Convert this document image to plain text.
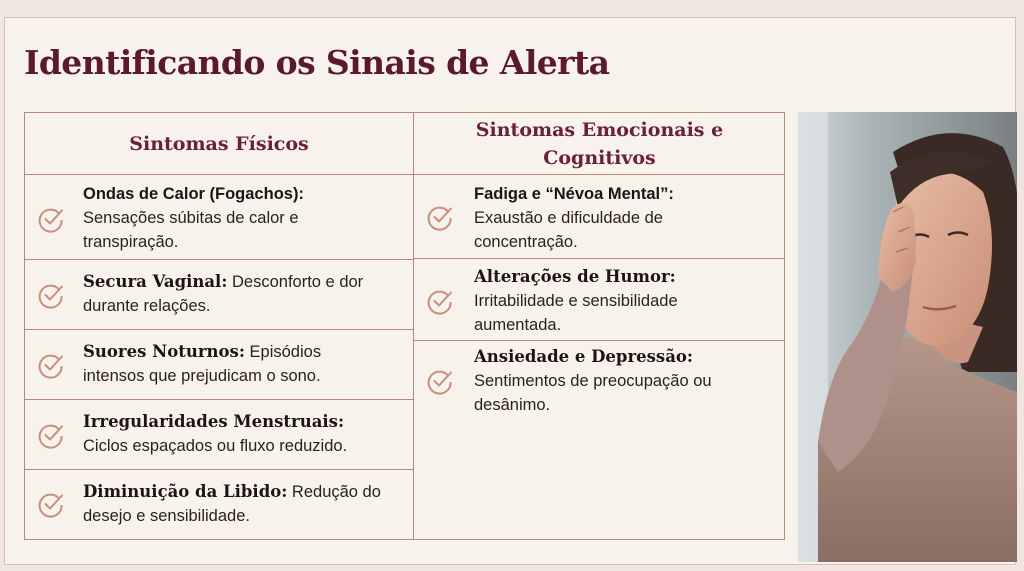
Identificando os Sinais de Alerta
Sintomas Físicos
Ondas de Calor (Fogachos):
Sensações súbitas de calor e
transpiração.
Secura Vaginal: Desconforto e dor
durante relações.
Suores Noturnos: Episódios
intensos que prejudicam o sono.
Irregularidades Menstruais:
Ciclos espaçados ou fluxo reduzido.
Diminuição da Libido: Redução do
desejo e sensibilidade.
Sintomas Emocionais e
Cognitivos
Fadiga e “Névoa Mental”:
Exaustão e dificuldade de
concentração.
Alterações de Humor:
Irritabilidade e sensibilidade
aumentada.
Ansiedade e Depressão:
Sentimentos de preocupação ou
desânimo.
